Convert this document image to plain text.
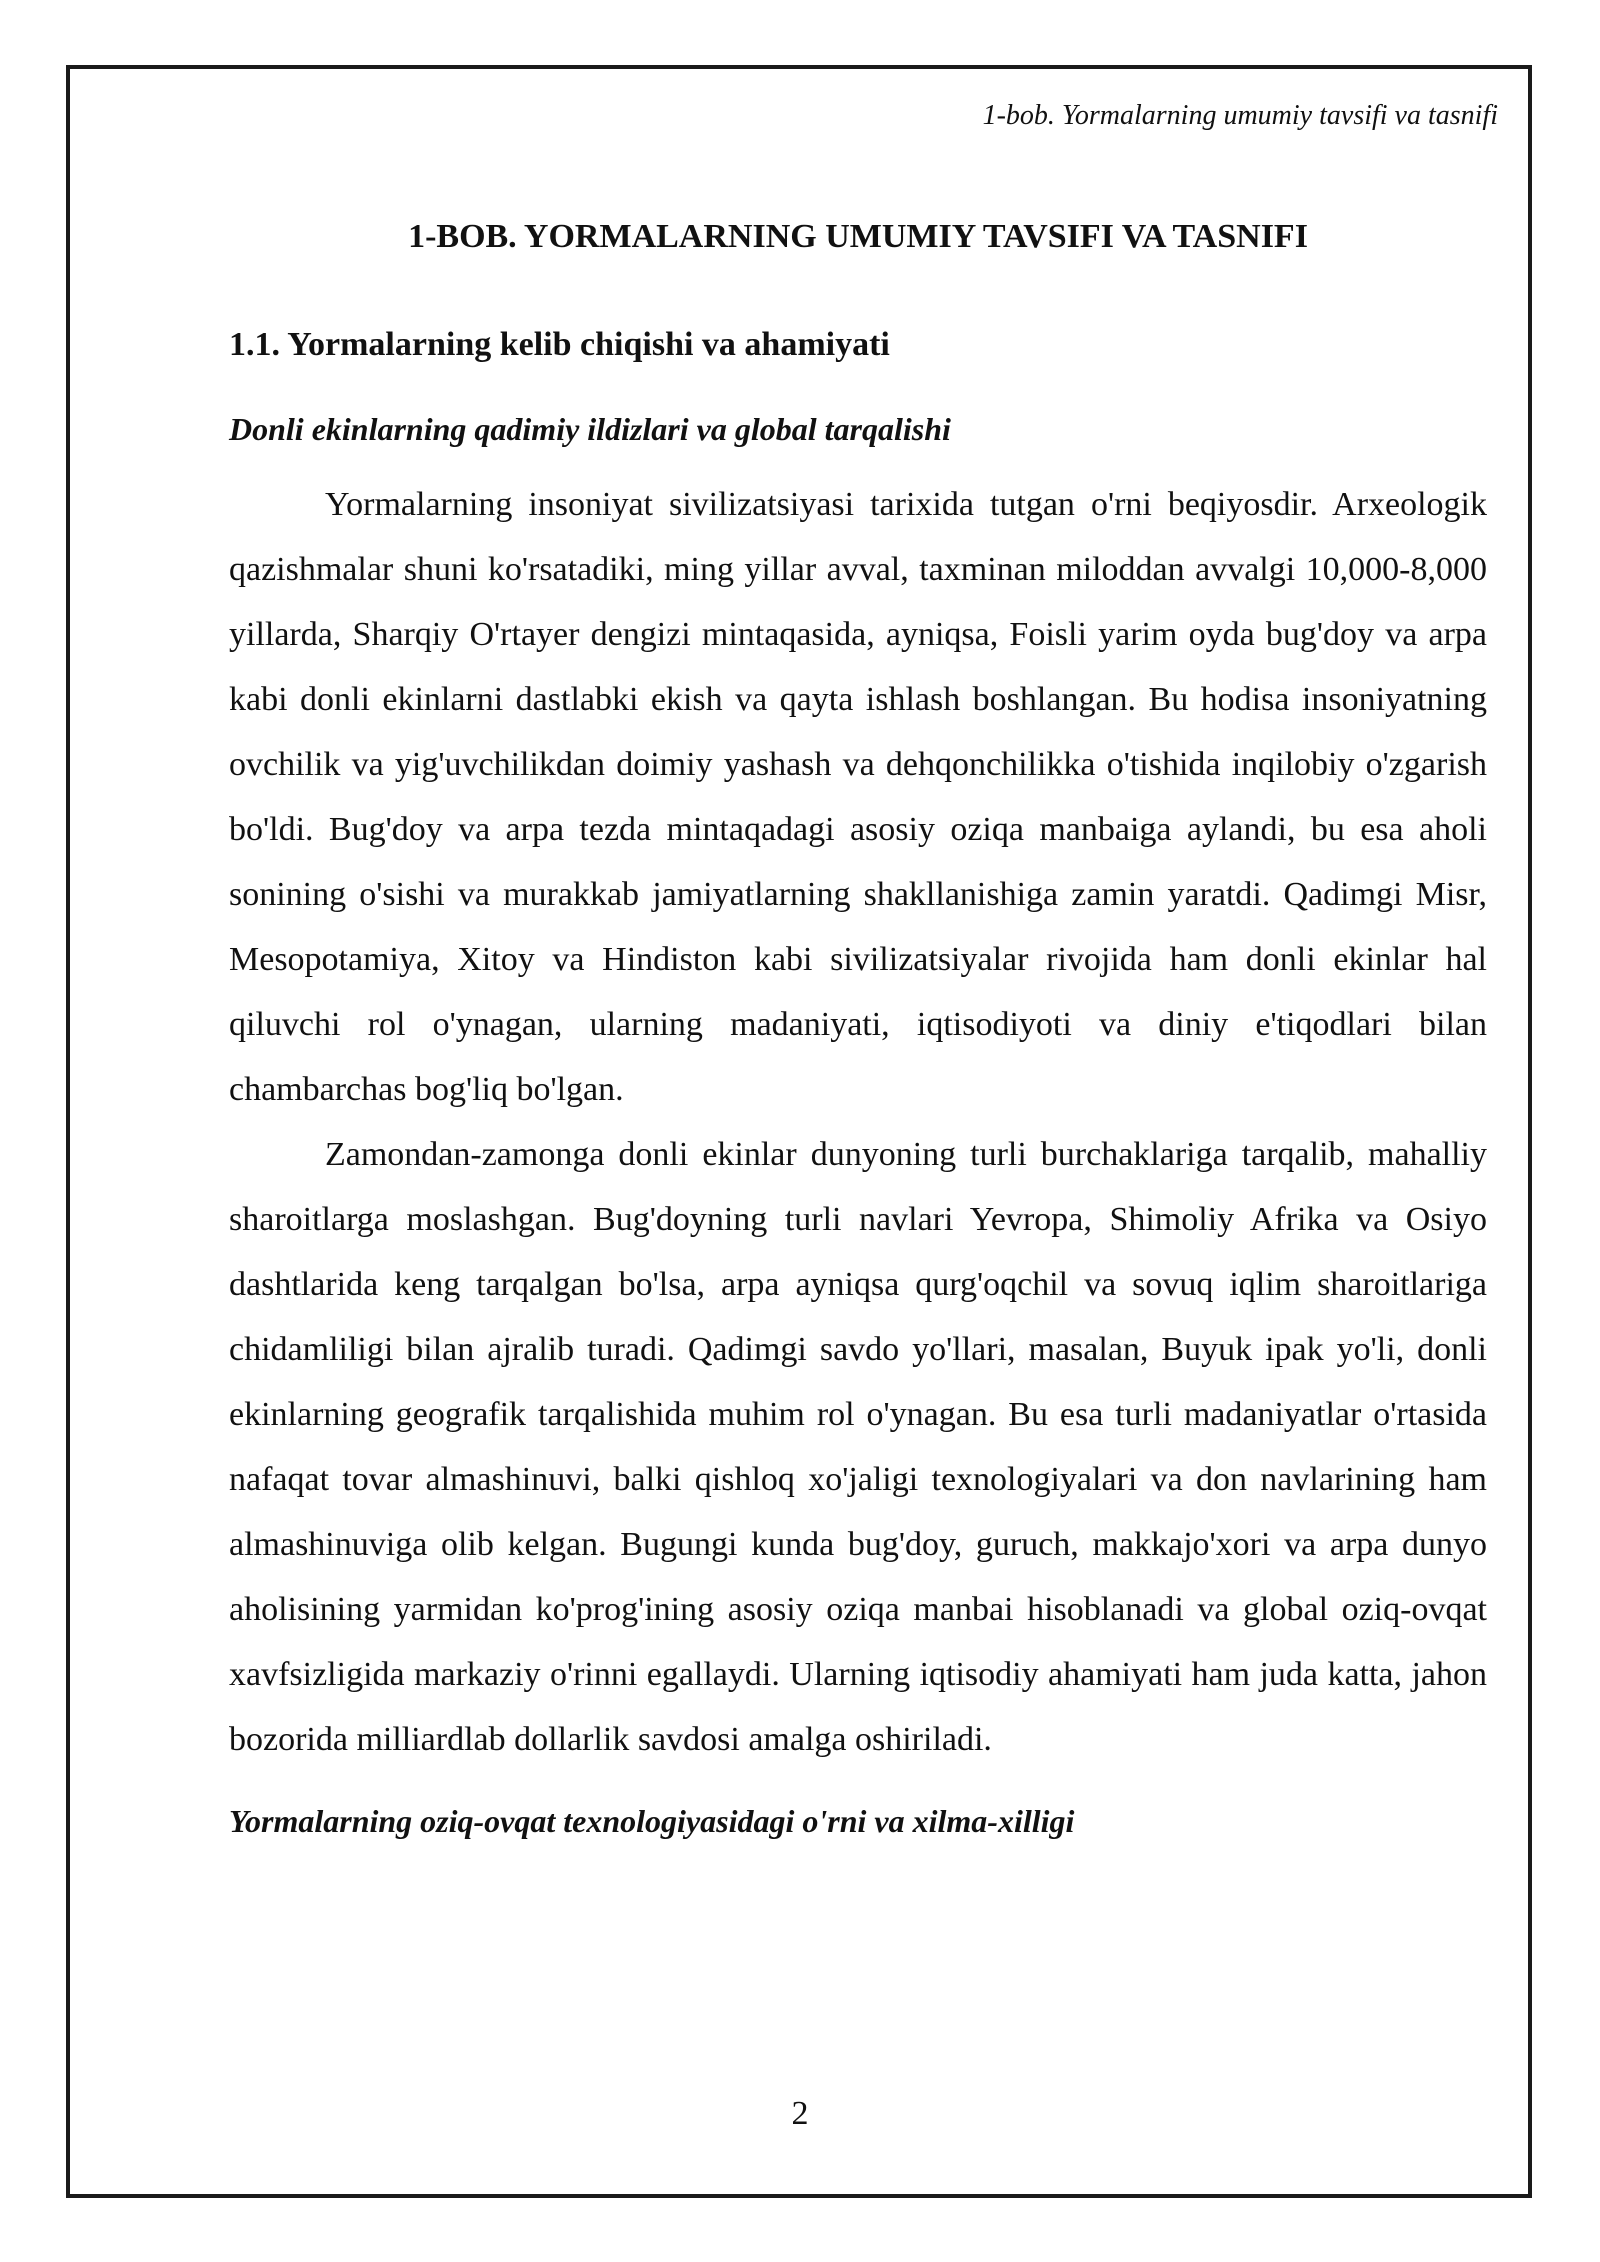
1-bob. Yormalarning umumiy tavsifi va tasnifi
1-BOB. YORMALARNING UMUMIY TAVSIFI VA TASNIFI
1.1. Yormalarning kelib chiqishi va ahamiyati
Donli ekinlarning qadimiy ildizlari va global tarqalishi

Yormalarning insoniyat sivilizatsiyasi tarixida tutgan o'rni beqiyosdir. Arxeologik qazishmalar shuni ko'rsatadiki, ming yillar avval, taxminan miloddan avvalgi 10,000-8,000 yillarda, Sharqiy O'rtayer dengizi mintaqasida, ayniqsa, Foisli yarim oyda bug'doy va arpa kabi donli ekinlarni dastlabki ekish va qayta ishlash boshlangan. Bu hodisa insoniyatning ovchilik va yig'uvchilikdan doimiy yashash va dehqonchilikka o'tishida inqilobiy o'zgarish bo'ldi. Bug'doy va arpa tezda mintaqadagi asosiy oziqa manbaiga aylandi, bu esa aholi sonining o'sishi va murakkab jamiyatlarning shakllanishiga zamin yaratdi. Qadimgi Misr, Mesopotamiya, Xitoy va Hindiston kabi sivilizatsiyalar rivojida ham donli ekinlar hal qiluvchi rol o'ynagan, ularning madaniyati, iqtisodiyoti va diniy e'tiqodlari bilan chambarchas bog'liq bo'lgan.

Zamondan-zamonga donli ekinlar dunyoning turli burchaklariga tarqalib, mahalliy sharoitlarga moslashgan. Bug'doyning turli navlari Yevropa, Shimoliy Afrika va Osiyo dashtlarida keng tarqalgan bo'lsa, arpa ayniqsa qurg'oqchil va sovuq iqlim sharoitlariga chidamliligi bilan ajralib turadi. Qadimgi savdo yo'llari, masalan, Buyuk ipak yo'li, donli ekinlarning geografik tarqalishida muhim rol o'ynagan. Bu esa turli madaniyatlar o'rtasida nafaqat tovar almashinuvi, balki qishloq xo'jaligi texnologiyalari va don navlarining ham almashinuviga olib kelgan. Bugungi kunda bug'doy, guruch, makkajo'xori va arpa dunyo aholisining yarmidan ko'prog'ining asosiy oziqa manbai hisoblanadi va global oziq-ovqat xavfsizligida markaziy o'rinni egallaydi. Ularning iqtisodiy ahamiyati ham juda katta, jahon bozorida milliardlab dollarlik savdosi amalga oshiriladi.

Yormalarning oziq-ovqat texnologiyasidagi o'rni va xilma-xilligi
2
